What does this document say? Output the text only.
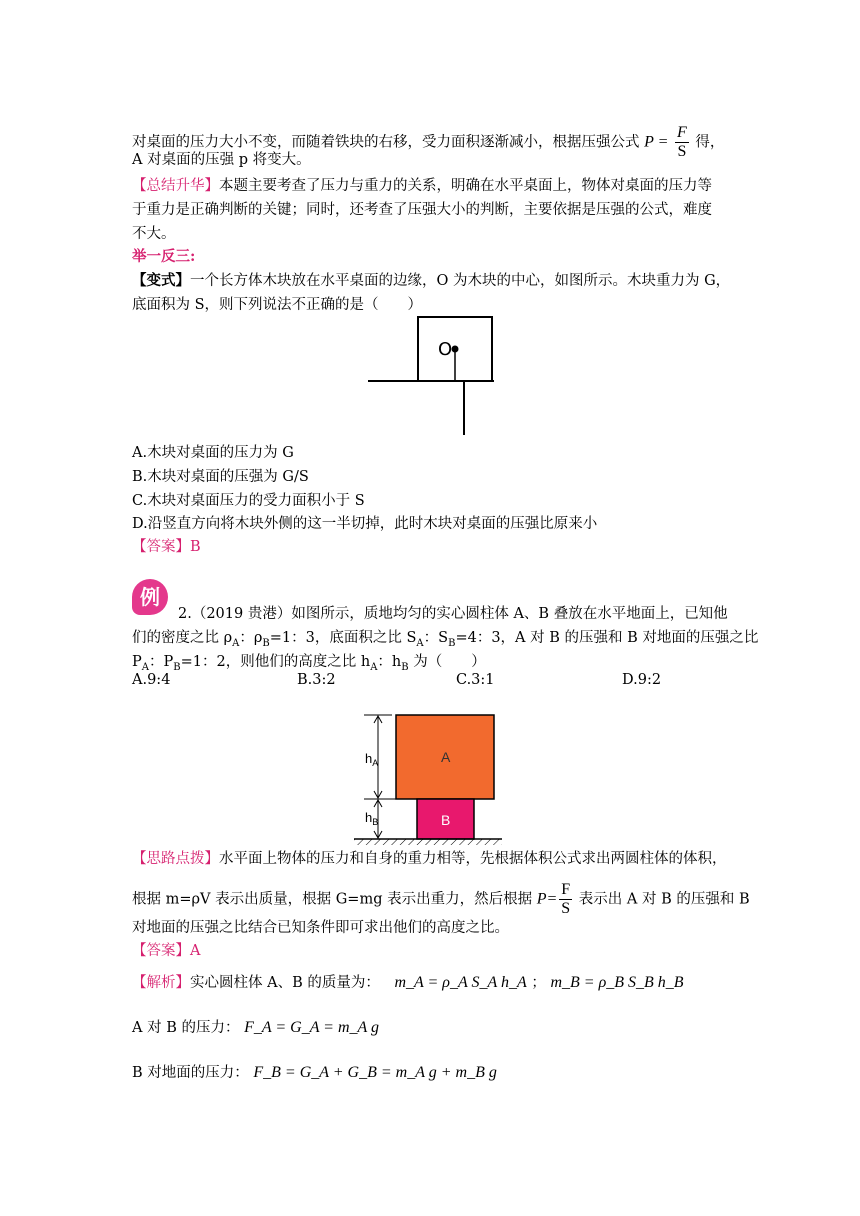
对桌面的压力大小不变，而随着铁块的右移，受力面积逐渐减小，根据压强公式 $P = \frac{F}{S}$ 得，
A 对桌面的压强 p 将变大。
【总结升华】本题主要考查了压力与重力的关系，明确在水平桌面上，物体对桌面的压力等
于重力是正确判断的关键；同时，还考查了压强大小的判断，主要依据是压强的公式，难度
不大。
举一反三:
【变式】一个长方体木块放在水平桌面的边缘，O 为木块的中心，如图所示。木块重力为 G，
底面积为 S，则下列说法不正确的是（　　）
O
A.木块对桌面的压力为 G
B.木块对桌面的压强为 G/S
C.木块对桌面压力的受力面积小于 S
D.沿竖直方向将木块外侧的这一半切掉，此时木块对桌面的压强比原来小
【答案】B
例
2.（2019 贵港）如图所示，质地均匀的实心圆柱体 A、B 叠放在水平地面上，已知他
们的密度之比 $\rho_A$：$\rho_B=1$：3，底面积之比 $S_A$：$S_B=4$：3，A 对 B 的压强和 B 对地面的压强之比
$P_A$：$P_B=1$：2，则他们的高度之比 $h_A$：$h_B$ 为（　　）
A.9:4	B.3:2	C.3:1	D.9:2
A
B
$h_A$
$h_B$
【思路点拨】水平面上物体的压力和自身的重力相等，先根据体积公式求出两圆柱体的体积，
根据 m=ρV 表示出质量，根据 G=mg 表示出重力，然后根据 $P= \frac{F}{S}$ 表示出 A 对 B 的压强和 B
对地面的压强之比结合已知条件即可求出他们的高度之比。
【答案】A
【解析】实心圆柱体 A、B 的质量为： m_A = ρ_A S_A h_A ； m_B = ρ_B S_B h_B
A 对 B 的压力： F_A = G_A = m_A g
B 对地面的压力： F_B = G_A + G_B = m_A g + m_B g
